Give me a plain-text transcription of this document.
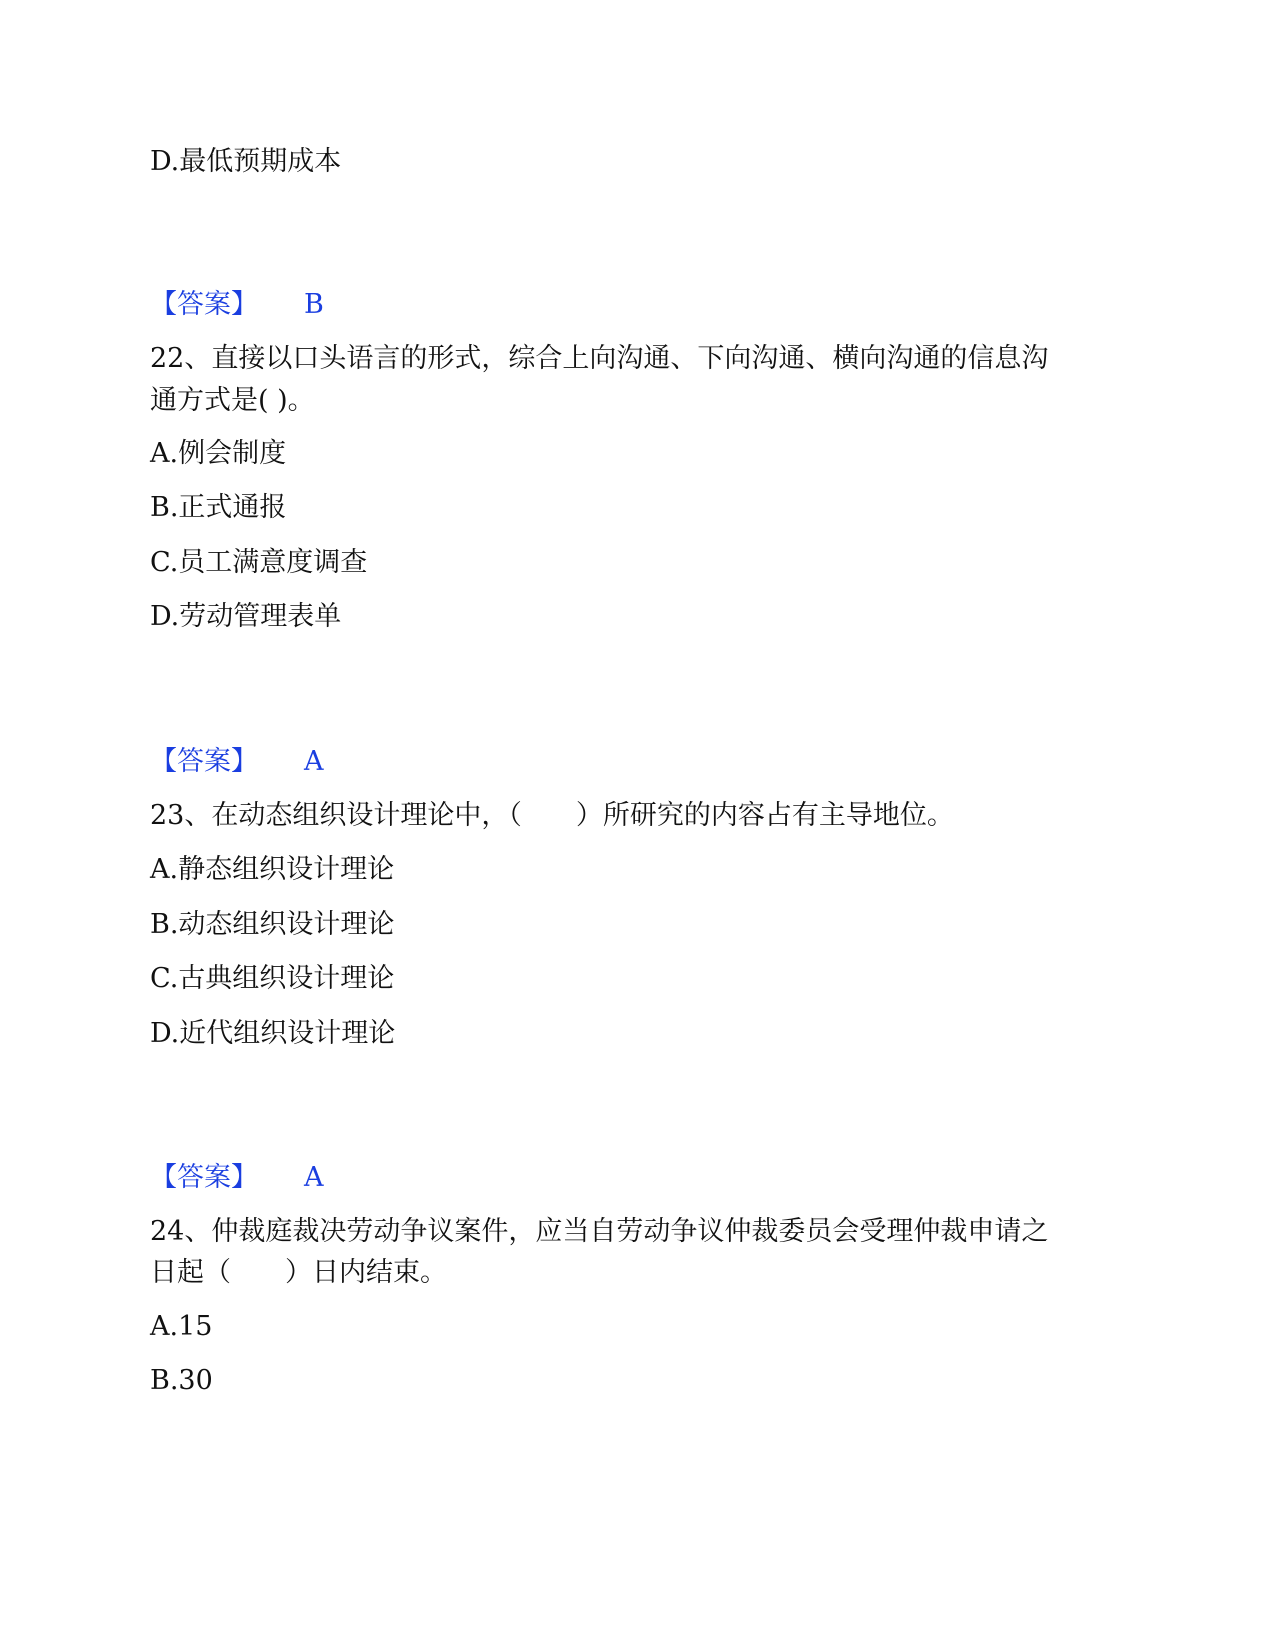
D.最低预期成本
【答案】 B
22、直接以口头语言的形式，综合上向沟通、下向沟通、横向沟通的信息沟
通方式是( )。
A.例会制度
B.正式通报
C.员工满意度调查
D.劳动管理表单
【答案】 A
23、在动态组织设计理论中，（　　）所研究的内容占有主导地位。
A.静态组织设计理论
B.动态组织设计理论
C.古典组织设计理论
D.近代组织设计理论
【答案】 A
24、仲裁庭裁决劳动争议案件，应当自劳动争议仲裁委员会受理仲裁申请之
日起（　　）日内结束。
A.15
B.30
